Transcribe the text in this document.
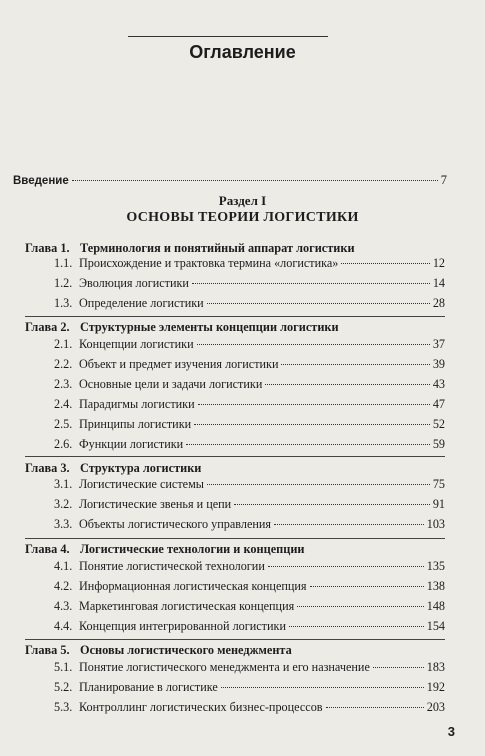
Оглавление
Введение	7
Раздел I
ОСНОВЫ ТЕОРИИ ЛОГИСТИКИ
Глава 1. Терминология и понятийный аппарат логистики
1.1. Происхождение и трактовка термина «логистика»	12
1.2. Эволюция логистики	14
1.3. Определение логистики	28
Глава 2. Структурные элементы концепции логистики
2.1. Концепции логистики	37
2.2. Объект и предмет изучения логистики	39
2.3. Основные цели и задачи логистики	43
2.4. Парадигмы логистики	47
2.5. Принципы логистики	52
2.6. Функции логистики	59
Глава 3. Структура логистики
3.1. Логистические системы	75
3.2. Логистические звенья и цепи	91
3.3. Объекты логистического управления	103
Глава 4. Логистические технологии и концепции
4.1. Понятие логистической технологии	135
4.2. Информационная логистическая концепция	138
4.3. Маркетинговая логистическая концепция	148
4.4. Концепция интегрированной логистики	154
Глава 5. Основы логистического менеджмента
5.1. Понятие логистического менеджмента и его назначение	183
5.2. Планирование в логистике	192
5.3. Контроллинг логистических бизнес-процессов	203
3
